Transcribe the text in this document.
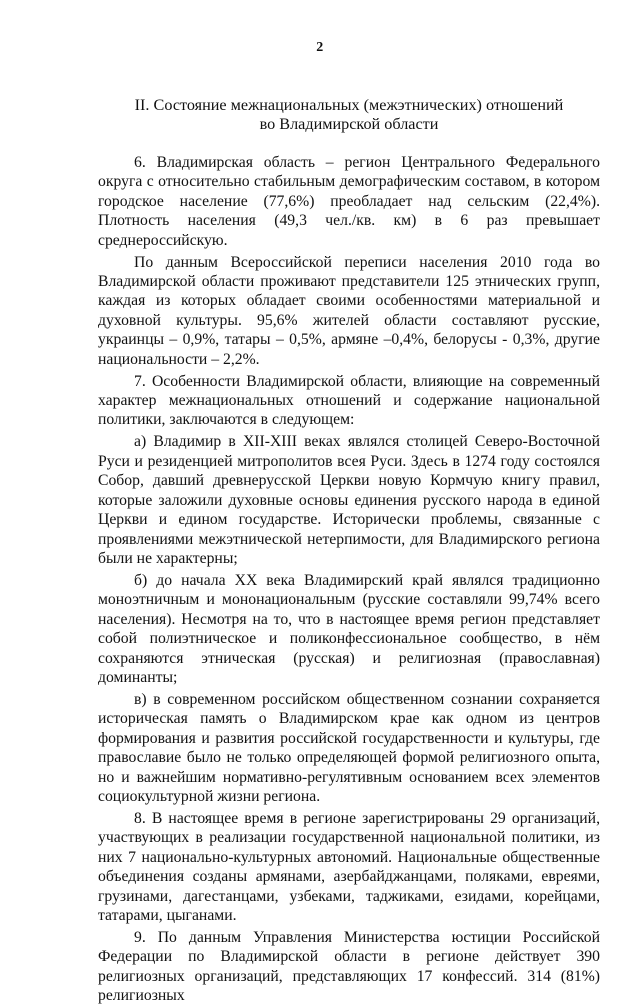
2
II. Состояние межнациональных (межэтнических) отношений
во Владимирской области

6. Владимирская область – регион Центрального Федерального округа с относительно стабильным демографическим составом, в котором городское население (77,6%) преобладает над сельским (22,4%). Плотность населения (49,3 чел./кв. км) в 6 раз превышает среднероссийскую.

По данным Всероссийской переписи населения 2010 года во Владимирской области проживают представители 125 этнических групп, каждая из которых обладает своими особенностями материальной и духовной культуры. 95,6% жителей области составляют русские, украинцы – 0,9%, татары – 0,5%, армяне –0,4%, белорусы - 0,3%, другие национальности – 2,2%.

7. Особенности Владимирской области, влияющие на современный характер межнациональных отношений и содержание национальной политики, заключаются в следующем:

а) Владимир в XII-XIII веках являлся столицей Северо-Восточной Руси и резиденцией митрополитов всея Руси. Здесь в 1274 году состоялся Собор, давший древнерусской Церкви новую Кормчую книгу правил, которые заложили духовные основы единения русского народа в единой Церкви и едином государстве. Исторически проблемы, связанные с проявлениями межэтнической нетерпимости, для Владимирского региона были не характерны;

б) до начала XX века Владимирский край являлся традиционно моноэтничным и мононациональным (русские составляли 99,74% всего населения). Несмотря на то, что в настоящее время регион представляет собой полиэтническое и поликонфессиональное сообщество, в нём сохраняются этническая (русская) и религиозная (православная) доминанты;

в) в современном российском общественном сознании сохраняется историческая память о Владимирском крае как одном из центров формирования и развития российской государственности и культуры, где православие было не только определяющей формой религиозного опыта, но и важнейшим нормативно-регулятивным основанием всех элементов социокультурной жизни региона.

8. В настоящее время в регионе зарегистрированы 29 организаций, участвующих в реализации государственной национальной политики, из них 7 национально-культурных автономий. Национальные общественные объединения созданы армянами, азербайджанцами, поляками, евреями, грузинами, дагестанцами, узбеками, таджиками, езидами, корейцами, татарами, цыганами.

9. По данным Управления Министерства юстиции Российской Федерации по Владимирской области в регионе действует 390 религиозных организаций, представляющих 17 конфессий. 314 (81%) религиозных
